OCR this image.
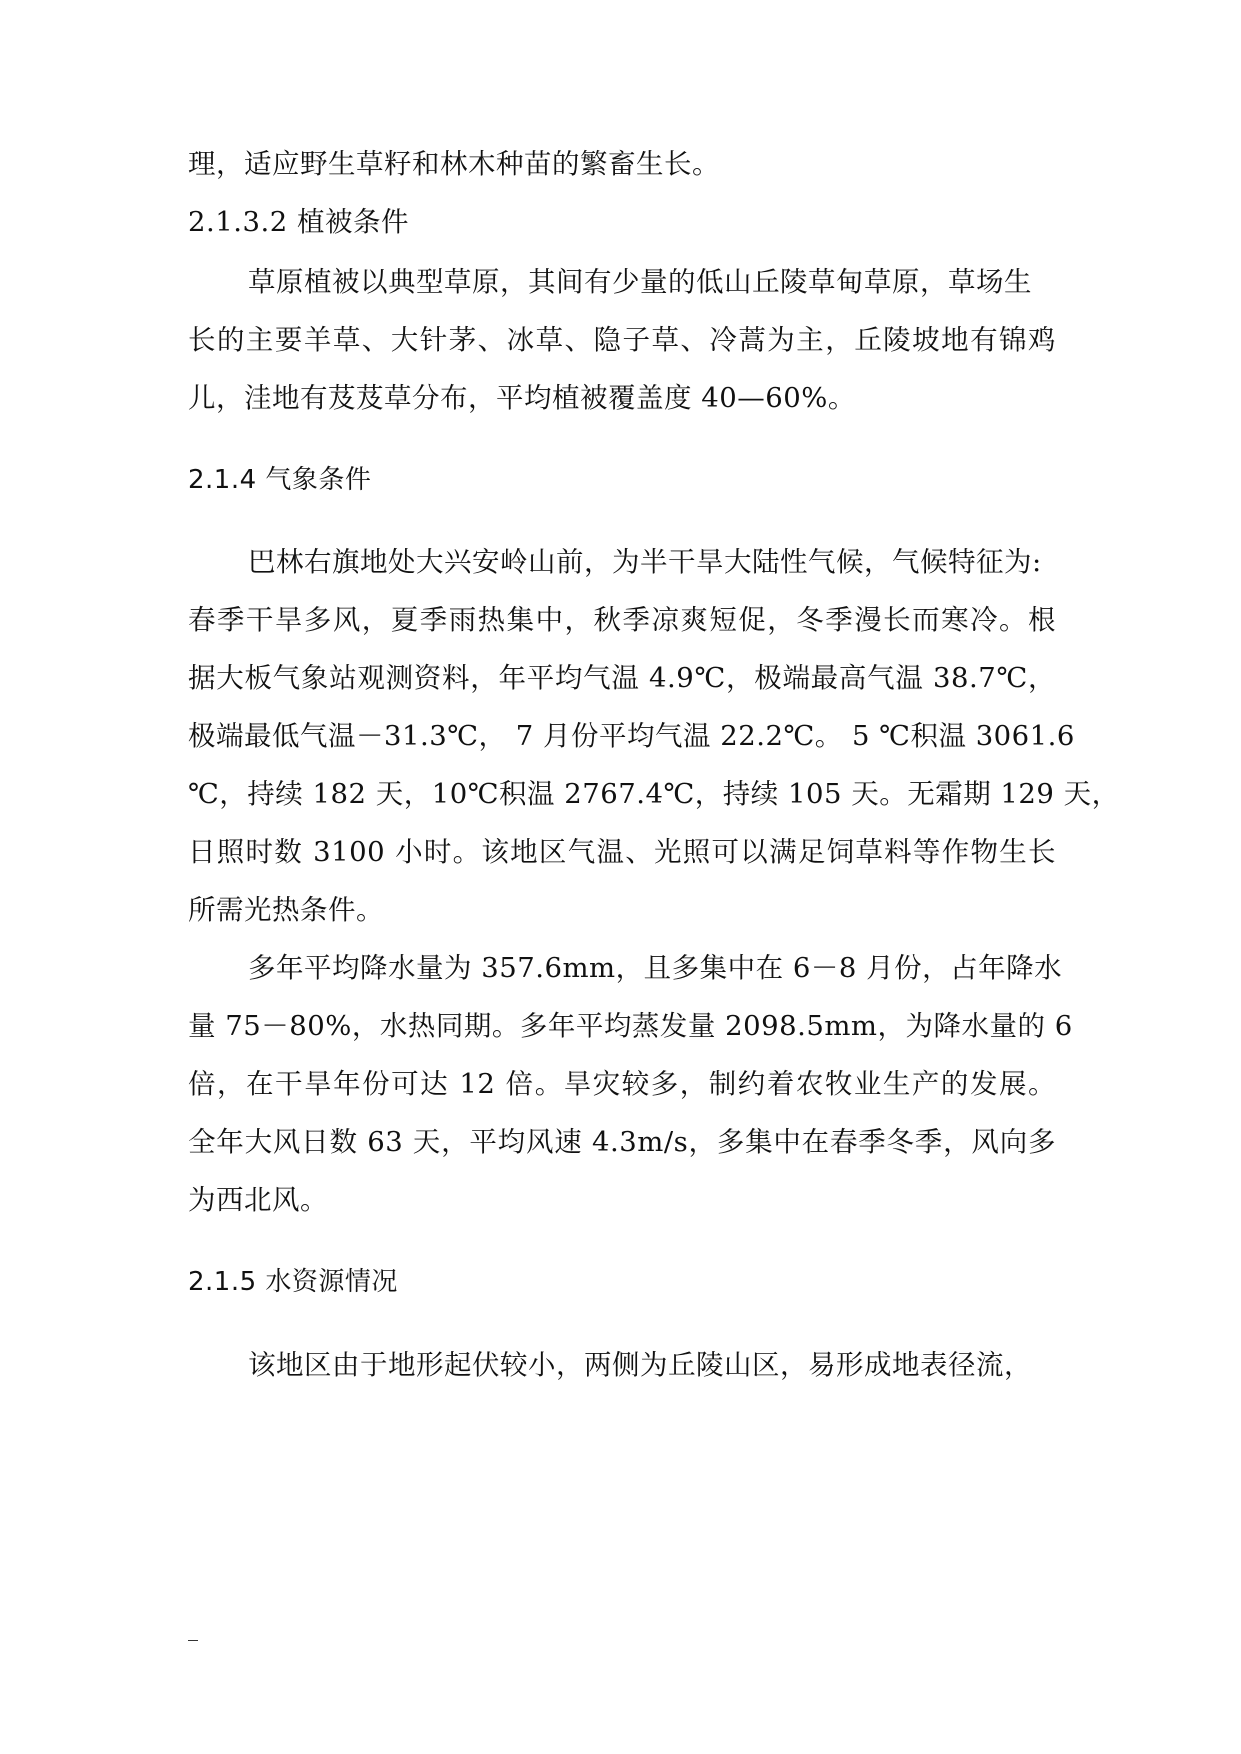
理，适应野生草籽和林木种苗的繁畜生长。
2.1.3.2 植被条件
草原植被以典型草原，其间有少量的低山丘陵草甸草原，草场生
长的主要羊草、大针茅、冰草、隐子草、冷蒿为主，丘陵坡地有锦鸡
儿，洼地有芨芨草分布，平均植被覆盖度 40—60%。
2.1.4 气象条件
巴林右旗地处大兴安岭山前，为半干旱大陆性气候，气候特征为:
春季干旱多风，夏季雨热集中，秋季凉爽短促，冬季漫长而寒冷。根
据大板气象站观测资料，年平均气温 4.9℃，极端最高气温 38.7℃，
极端最低气温－31.3℃， 7 月份平均气温 22.2℃。 5 ℃积温 3061.6
℃，持续 182 天，10℃积温 2767.4℃，持续 105 天。无霜期 129 天，
日照时数 3100 小时。该地区气温、光照可以满足饲草料等作物生长
所需光热条件。
多年平均降水量为 357.6mm，且多集中在 6－8 月份，占年降水
量 75－80%，水热同期。多年平均蒸发量 2098.5mm，为降水量的 6
倍，在干旱年份可达 12 倍。旱灾较多，制约着农牧业生产的发展。
全年大风日数 63 天，平均风速 4.3m/s，多集中在春季冬季，风向多
为西北风。
2.1.5 水资源情况
该地区由于地形起伏较小，两侧为丘陵山区，易形成地表径流，
